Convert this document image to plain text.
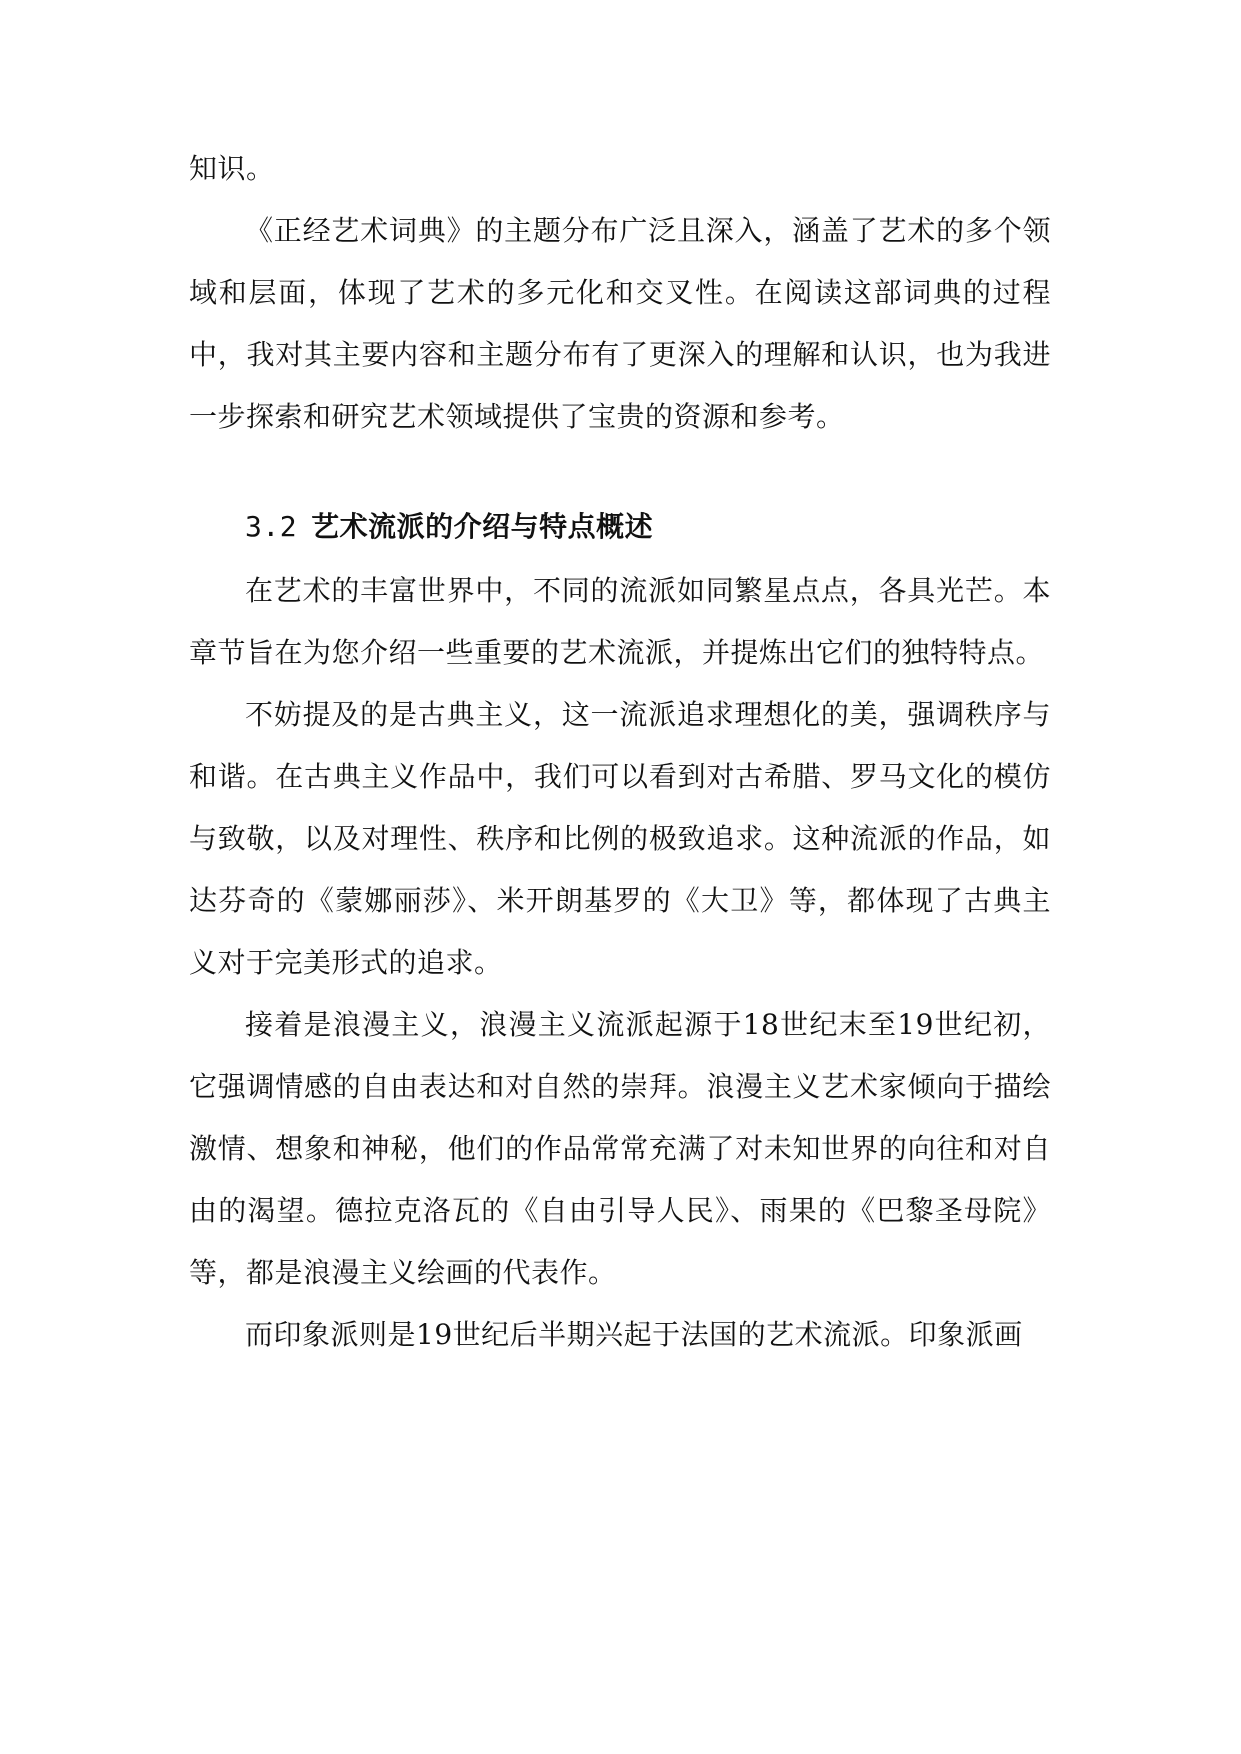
知识。

《正经艺术词典》的主题分布广泛且深入，涵盖了艺术的多个领域和层面，体现了艺术的多元化和交叉性。在阅读这部词典的过程中，我对其主要内容和主题分布有了更深入的理解和认识，也为我进一步探索和研究艺术领域提供了宝贵的资源和参考。

3.2 艺术流派的介绍与特点概述

在艺术的丰富世界中，不同的流派如同繁星点点，各具光芒。本章节旨在为您介绍一些重要的艺术流派，并提炼出它们的独特特点。

不妨提及的是古典主义，这一流派追求理想化的美，强调秩序与和谐。在古典主义作品中，我们可以看到对古希腊、罗马文化的模仿与致敬，以及对理性、秩序和比例的极致追求。这种流派的作品，如达芬奇的《蒙娜丽莎》、米开朗基罗的《大卫》等，都体现了古典主义对于完美形式的追求。

接着是浪漫主义，浪漫主义流派起源于18世纪末至19世纪初，它强调情感的自由表达和对自然的崇拜。浪漫主义艺术家倾向于描绘激情、想象和神秘，他们的作品常常充满了对未知世界的向往和对自由的渴望。德拉克洛瓦的《自由引导人民》、雨果的《巴黎圣母院》等，都是浪漫主义绘画的代表作。

而印象派则是19世纪后半期兴起于法国的艺术流派。印象派画
